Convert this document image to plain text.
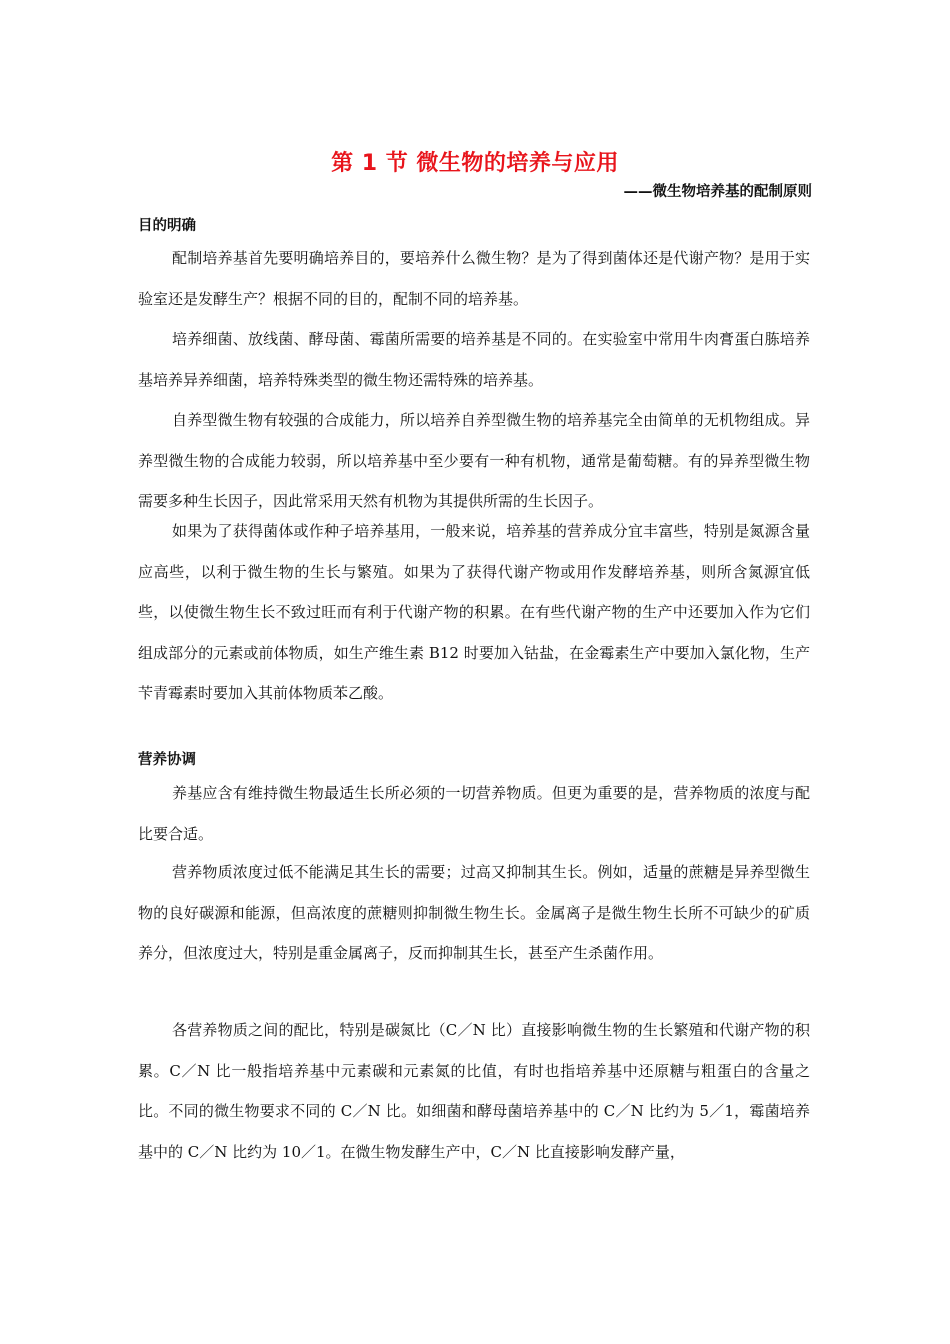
第 1 节 微生物的培养与应用
——微生物培养基的配制原则
目的明确

配制培养基首先要明确培养目的，要培养什么微生物？是为了得到菌体还是代谢产物？是用于实验室还是发酵生产？根据不同的目的，配制不同的培养基。

培养细菌、放线菌、酵母菌、霉菌所需要的培养基是不同的。在实验室中常用牛肉膏蛋白胨培养基培养异养细菌，培养特殊类型的微生物还需特殊的培养基。

自养型微生物有较强的合成能力，所以培养自养型微生物的培养基完全由简单的无机物组成。异养型微生物的合成能力较弱，所以培养基中至少要有一种有机物，通常是葡萄糖。有的异养型微生物需要多种生长因子，因此常采用天然有机物为其提供所需的生长因子。

如果为了获得菌体或作种子培养基用，一般来说，培养基的营养成分宜丰富些，特别是氮源含量应高些，以利于微生物的生长与繁殖。如果为了获得代谢产物或用作发酵培养基，则所含氮源宜低些，以使微生物生长不致过旺而有利于代谢产物的积累。在有些代谢产物的生产中还要加入作为它们组成部分的元素或前体物质，如生产维生素 B12 时要加入钴盐，在金霉素生产中要加入氯化物，生产苄青霉素时要加入其前体物质苯乙酸。

营养协调

养基应含有维持微生物最适生长所必须的一切营养物质。但更为重要的是，营养物质的浓度与配比要合适。

营养物质浓度过低不能满足其生长的需要；过高又抑制其生长。例如，适量的蔗糖是异养型微生物的良好碳源和能源，但高浓度的蔗糖则抑制微生物生长。金属离子是微生物生长所不可缺少的矿质养分，但浓度过大，特别是重金属离子，反而抑制其生长，甚至产生杀菌作用。

各营养物质之间的配比，特别是碳氮比（C／N 比）直接影响微生物的生长繁殖和代谢产物的积累。C／N 比一般指培养基中元素碳和元素氮的比值，有时也指培养基中还原糖与粗蛋白的含量之比。不同的微生物要求不同的 C／N 比。如细菌和酵母菌培养基中的 C／N 比约为 5／1，霉菌培养基中的 C／N 比约为 10／1。在微生物发酵生产中，C／N 比直接影响发酵产量，
